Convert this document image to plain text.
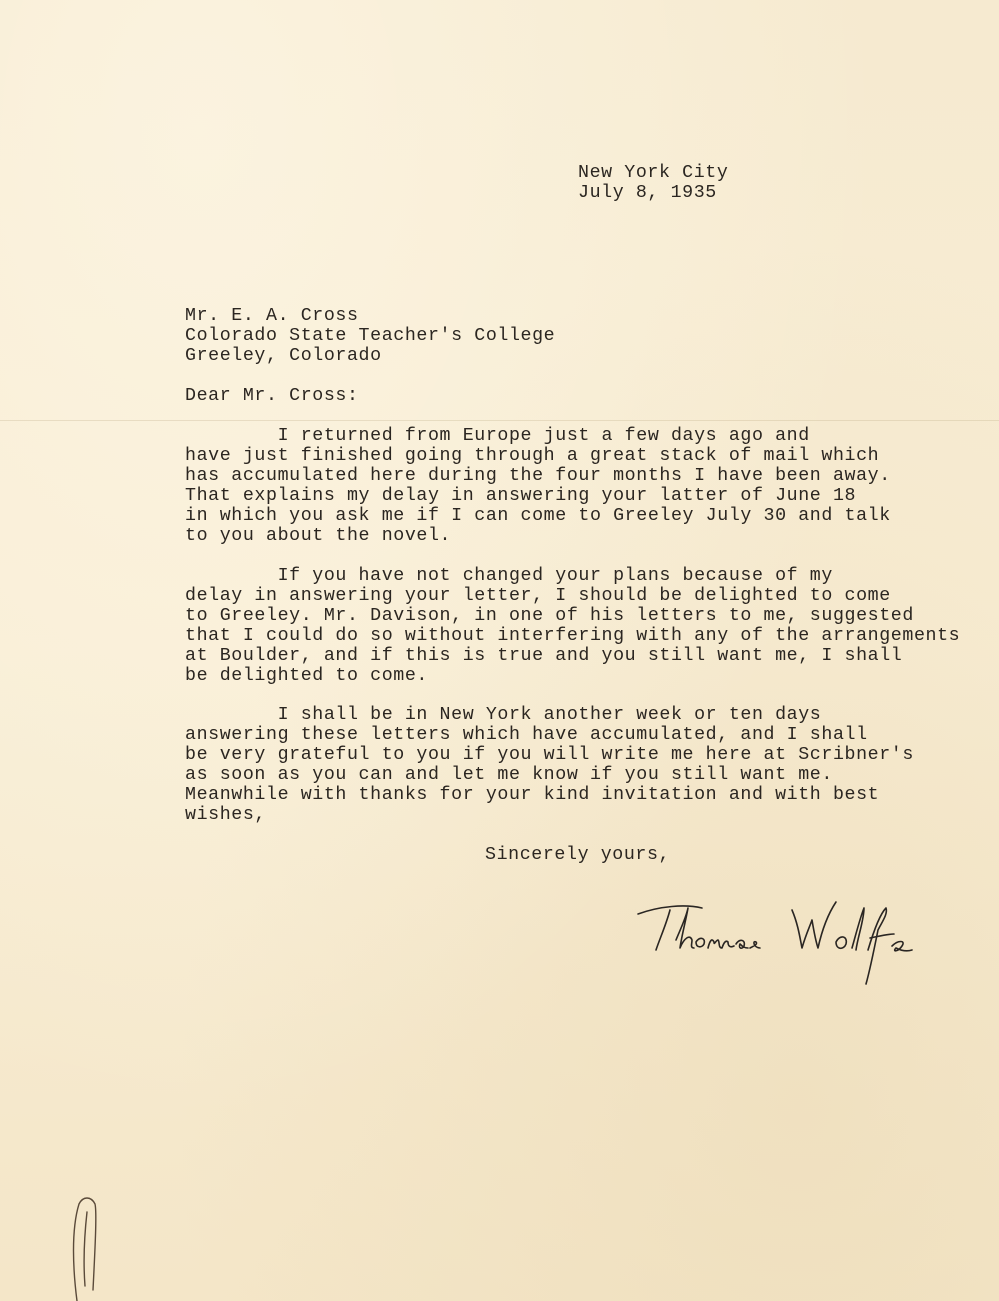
New York City
July 8, 1935
Mr. E. A. Cross
Colorado State Teacher's College
Greeley, Colorado
Dear Mr. Cross:
I returned from Europe just a few days ago and
have just finished going through a great stack of mail which
has accumulated here during the four months I have been away.
That explains my delay in answering your latter of June 18
in which you ask me if I can come to Greeley July 30 and talk
to you about the novel.
If you have not changed your plans because of my
delay in answering your letter, I should be delighted to come
to Greeley. Mr. Davison, in one of his letters to me, suggested
that I could do so without interfering with any of the arrangements
at Boulder, and if this is true and you still want me, I shall
be delighted to come.
I shall be in New York another week or ten days
answering these letters which have accumulated, and I shall
be very grateful to you if you will write me here at Scribner's
as soon as you can and let me know if you still want me.
Meanwhile with thanks for your kind invitation and with best
wishes,
Sincerely yours,
